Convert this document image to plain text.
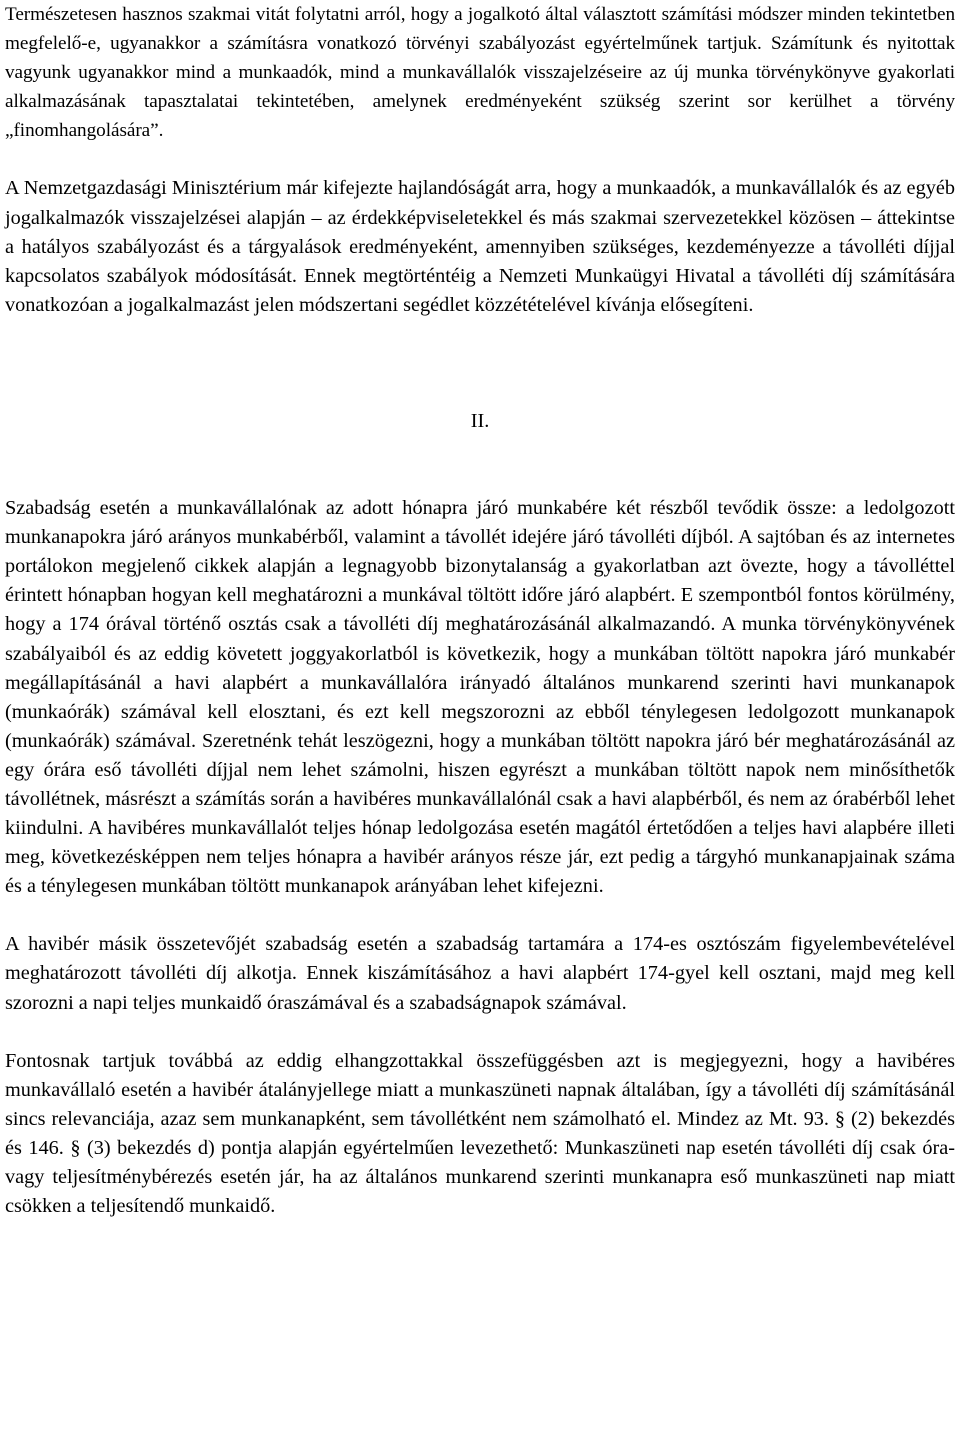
Természetesen hasznos szakmai vitát folytatni arról, hogy a jogalkotó által választott számítási módszer minden tekintetben megfelelő-e, ugyanakkor a számításra vonatkozó törvényi szabályozást egyértelműnek tartjuk. Számítunk és nyitottak vagyunk ugyanakkor mind a munkaadók, mind a munkavállalók visszajelzéseire az új munka törvénykönyve gyakorlati alkalmazásának tapasztalatai tekintetében, amelynek eredményeként szükség szerint sor kerülhet a törvény „finomhangolására”.

A Nemzetgazdasági Minisztérium már kifejezte hajlandóságát arra, hogy a munkaadók, a munkavállalók és az egyéb jogalkalmazók visszajelzései alapján ‒ az érdekképviseletekkel és más szakmai szervezetekkel közösen ‒ áttekintse a hatályos szabályozást és a tárgyalások eredményeként, amennyiben szükséges, kezdeményezze a távolléti díjjal kapcsolatos szabályok módosítását. Ennek megtörténtéig a Nemzeti Munkaügyi Hivatal a távolléti díj számítására vonatkozóan a jogalkalmazást jelen módszertani segédlet közzétételével kívánja elősegíteni.

II.

Szabadság esetén a munkavállalónak az adott hónapra járó munkabére két részből tevődik össze: a ledolgozott munkanapokra járó arányos munkabérből, valamint a távollét idejére járó távolléti díjból. A sajtóban és az internetes portálokon megjelenő cikkek alapján a legnagyobb bizonytalanság a gyakorlatban azt övezte, hogy a távolléttel érintett hónapban hogyan kell meghatározni a munkával töltött időre járó alapbért. E szempontból fontos körülmény, hogy a 174 órával történő osztás csak a távolléti díj meghatározásánál alkalmazandó. A munka törvénykönyvének szabályaiból és az eddig követett joggyakorlatból is következik, hogy a munkában töltött napokra járó munkabér megállapításánál a havi alapbért a munkavállalóra irányadó általános munkarend szerinti havi munkanapok (munkaórák) számával kell elosztani, és ezt kell megszorozni az ebből ténylegesen ledolgozott munkanapok (munkaórák) számával. Szeretnénk tehát leszögezni, hogy a munkában töltött napokra járó bér meghatározásánál az egy órára eső távolléti díjjal nem lehet számolni, hiszen egyrészt a munkában töltött napok nem minősíthetők távollétnek, másrészt a számítás során a havibéres munkavállalónál csak a havi alapbérből, és nem az órabérből lehet kiindulni. A havibéres munkavállalót teljes hónap ledolgozása esetén magától értetődően a teljes havi alapbére illeti meg, következésképpen nem teljes hónapra a havibér arányos része jár, ezt pedig a tárgyhó munkanapjainak száma és a ténylegesen munkában töltött munkanapok arányában lehet kifejezni.

A havibér másik összetevőjét szabadság esetén a szabadság tartamára a 174-es osztószám figyelembevételével meghatározott távolléti díj alkotja. Ennek kiszámításához a havi alapbért 174-gyel kell osztani, majd meg kell szorozni a napi teljes munkaidő óraszámával és a szabadságnapok számával.

Fontosnak tartjuk továbbá az eddig elhangzottakkal összefüggésben azt is megjegyezni, hogy a havibéres munkavállaló esetén a havibér átalányjellege miatt a munkaszüneti napnak általában, így a távolléti díj számításánál sincs relevanciája, azaz sem munkanapként, sem távollétként nem számolható el. Mindez az Mt. 93. § (2) bekezdés és 146. § (3) bekezdés d) pontja alapján egyértelműen levezethető: Munkaszüneti nap esetén távolléti díj csak óra- vagy teljesítménybérezés esetén jár, ha az általános munkarend szerinti munkanapra eső munkaszüneti nap miatt csökken a teljesítendő munkaidő.
